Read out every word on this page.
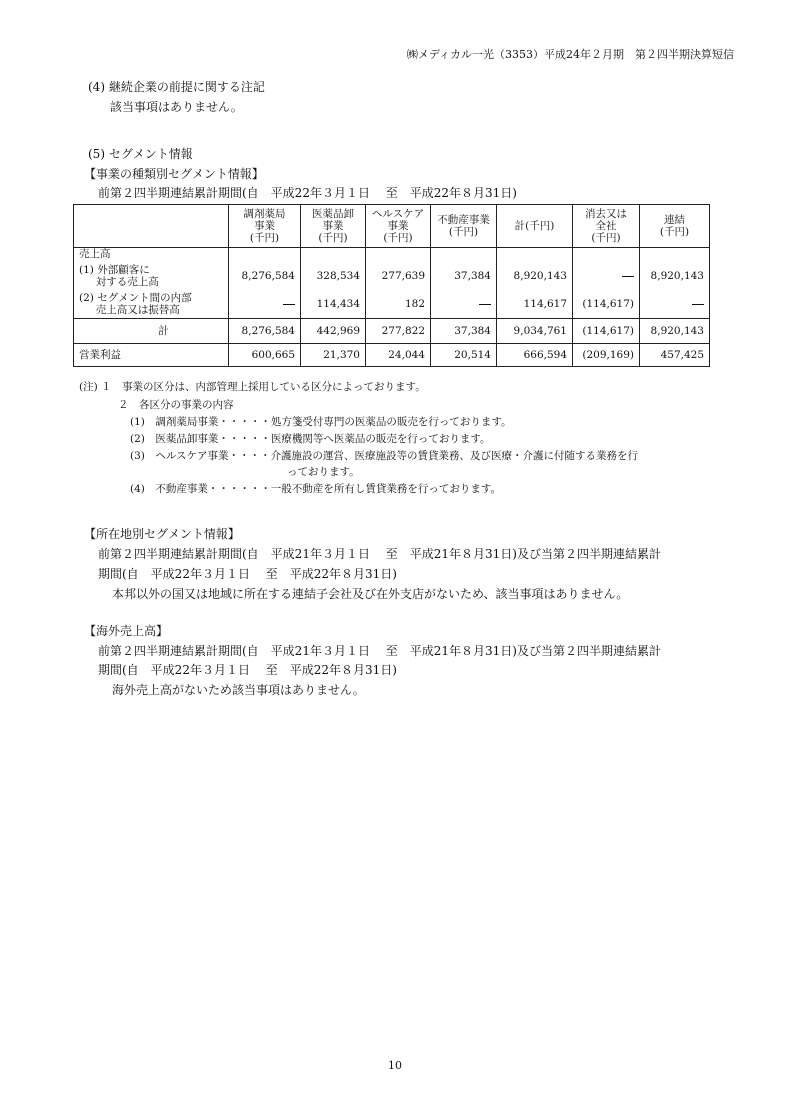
㈱メディカル一光（3353）平成24年２月期　第２四半期決算短信
(4) 継続企業の前提に関する注記
該当事項はありません。
(5) セグメント情報
【事業の種類別セグメント情報】
前第２四半期連結累計期間(自　平成22年３月１日　 至　平成22年８月31日)
	調剤薬局
事業
(千円)	医薬品卸
事業
(千円)	ヘルスケア
事業
(千円)	不動産事業
(千円)	計(千円)	消去又は
全社
(千円)	連結
(千円)
売上高							
(1) 外部顧客に
対する売上高	8,276,584	328,534	277,639	37,384	8,920,143		8,920,143
(2) セグメント間の内部
売上高又は振替高		114,434	182		114,617	(114,617)	
計	8,276,584	442,969	277,822	37,384	9,034,761	(114,617)	8,920,143
営業利益	600,665	21,370	24,044	20,514	666,594	(209,169)	457,425
(注) １　事業の区分は、内部管理上採用している区分によっております。
２　各区分の事業の内容
(1)　調剤薬局事業・・・・・処方箋受付専門の医薬品の販売を行っております。
(2)　医薬品卸事業・・・・・医療機関等へ医薬品の販売を行っております。
(3)　ヘルスケア事業・・・・介護施設の運営、医療施設等の賃貸業務、及び医療・介護に付随する業務を行
っております。
(4)　不動産事業・・・・・・一般不動産を所有し賃貸業務を行っております。
【所在地別セグメント情報】
前第２四半期連結累計期間(自　平成21年３月１日　 至　平成21年８月31日)及び当第２四半期連結累計
期間(自　平成22年３月１日　 至　平成22年８月31日)
本邦以外の国又は地域に所在する連結子会社及び在外支店がないため、該当事項はありません。
【海外売上高】
前第２四半期連結累計期間(自　平成21年３月１日　 至　平成21年８月31日)及び当第２四半期連結累計
期間(自　平成22年３月１日　 至　平成22年８月31日)
海外売上高がないため該当事項はありません。
10
